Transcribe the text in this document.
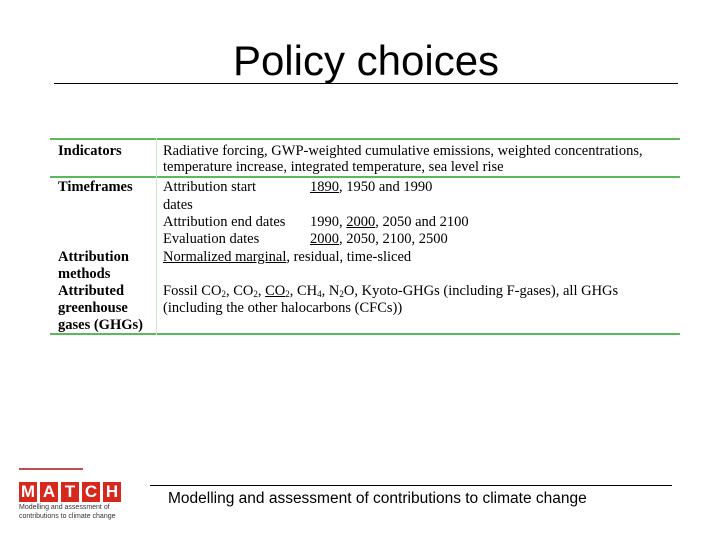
Policy choices
Indicators	Radiative forcing, GWP-weighted cumulative emissions, weighted concentrations,
temperature increase, integrated temperature, sea level rise
Timeframes Attribution start
dates
1890, 1950 and 1990
Attribution end dates 1990, 2000, 2050 and 2100
Evaluation dates	2000, 2050, 2100, 2500
Attribution
methods
Normalized marginal, residual, time-sliced
Attributed
greenhouse
gases (GHGs)
Fossil $CO_2$, $CO_2$, $CO_2$, $CH_4$, $N_2O$, Kyoto-GHGs (including F-gases), all GHGs
(including the other halocarbons (CFCs))
M A T C H
Modelling and assessment of
contributions to climate change
Modelling and assessment of contributions to climate change
